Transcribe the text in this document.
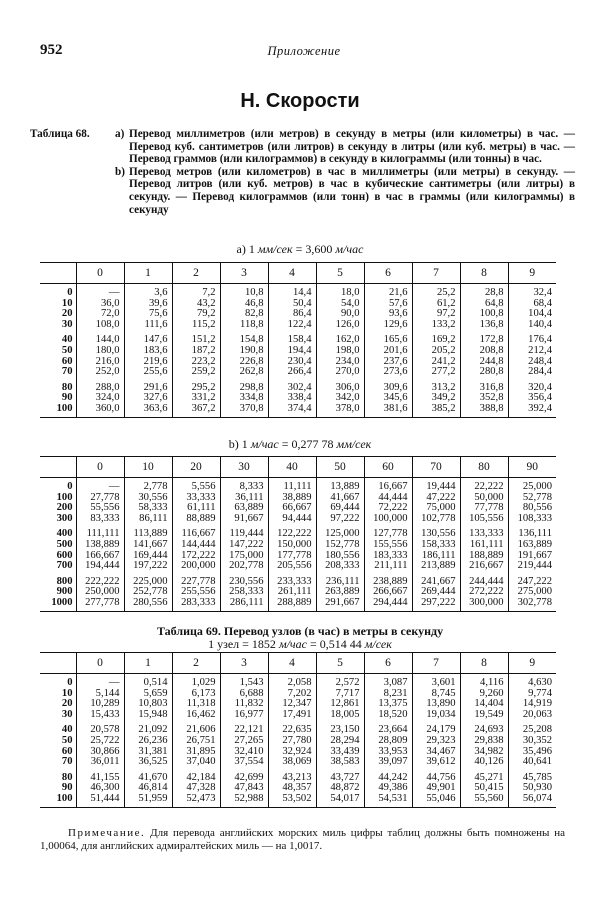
952	Приложение
Н. Скорости
Таблица 68. а) Перевод миллиметров (или метров) в секунду в метры (или километры) в час. — Перевод куб. сантиметров (или литров) в секунду в литры (или куб. метры) в час. — Перевод граммов (или килограммов) в секунду в килограммы (или тонны) в час.
b) Перевод метров (или километров) в час в миллиметры (или метры) в секунду. — Перевод литров (или куб. метров) в час в кубические сантиметры (или литры) в секунду. — Перевод килограммов (или тонн) в час в граммы (или килограммы) в секунду
а) 1 мм/сек = 3,600 м/час
	0	1	2	3	4	5	6	7	8	9
0	—	3,6	7,2	10,8	14,4	18,0	21,6	25,2	28,8	32,4
10	36,0	39,6	43,2	46,8	50,4	54,0	57,6	61,2	64,8	68,4
20	72,0	75,6	79,2	82,8	86,4	90,0	93,6	97,2	100,8	104,4
30	108,0	111,6	115,2	118,8	122,4	126,0	129,6	133,2	136,8	140,4

40	144,0	147,6	151,2	154,8	158,4	162,0	165,6	169,2	172,8	176,4
50	180,0	183,6	187,2	190,8	194,4	198,0	201,6	205,2	208,8	212,4
60	216,0	219,6	223,2	226,8	230,4	234,0	237,6	241,2	244,8	248,4
70	252,0	255,6	259,2	262,8	266,4	270,0	273,6	277,2	280,8	284,4

80	288,0	291,6	295,2	298,8	302,4	306,0	309,6	313,2	316,8	320,4
90	324,0	327,6	331,2	334,8	338,4	342,0	345,6	349,2	352,8	356,4
100	360,0	363,6	367,2	370,8	374,4	378,0	381,6	385,2	388,8	392,4
b) 1 м/час = 0,277 78 мм/сек
	0	10	20	30	40	50	60	70	80	90
0	—	2,778	5,556	8,333	11,111	13,889	16,667	19,444	22,222	25,000
100	27,778	30,556	33,333	36,111	38,889	41,667	44,444	47,222	50,000	52,778
200	55,556	58,333	61,111	63,889	66,667	69,444	72,222	75,000	77,778	80,556
300	83,333	86,111	88,889	91,667	94,444	97,222	100,000	102,778	105,556	108,333

400	111,111	113,889	116,667	119,444	122,222	125,000	127,778	130,556	133,333	136,111
500	138,889	141,667	144,444	147,222	150,000	152,778	155,556	158,333	161,111	163,889
600	166,667	169,444	172,222	175,000	177,778	180,556	183,333	186,111	188,889	191,667
700	194,444	197,222	200,000	202,778	205,556	208,333	211,111	213,889	216,667	219,444

800	222,222	225,000	227,778	230,556	233,333	236,111	238,889	241,667	244,444	247,222
900	250,000	252,778	255,556	258,333	261,111	263,889	266,667	269,444	272,222	275,000
1000	277,778	280,556	283,333	286,111	288,889	291,667	294,444	297,222	300,000	302,778
Таблица 69. Перевод узлов (в час) в метры в секунду
1 узел = 1852 м/час = 0,514 44 м/сек
	0	1	2	3	4	5	6	7	8	9
0	—	0,514	1,029	1,543	2,058	2,572	3,087	3,601	4,116	4,630
10	5,144	5,659	6,173	6,688	7,202	7,717	8,231	8,745	9,260	9,774
20	10,289	10,803	11,318	11,832	12,347	12,861	13,375	13,890	14,404	14,919
30	15,433	15,948	16,462	16,977	17,491	18,005	18,520	19,034	19,549	20,063

40	20,578	21,092	21,606	22,121	22,635	23,150	23,664	24,179	24,693	25,208
50	25,722	26,236	26,751	27,265	27,780	28,294	28,809	29,323	29,838	30,352
60	30,866	31,381	31,895	32,410	32,924	33,439	33,953	34,467	34,982	35,496
70	36,011	36,525	37,040	37,554	38,069	38,583	39,097	39,612	40,126	40,641

80	41,155	41,670	42,184	42,699	43,213	43,727	44,242	44,756	45,271	45,785
90	46,300	46,814	47,328	47,843	48,357	48,872	49,386	49,901	50,415	50,930
100	51,444	51,959	52,473	52,988	53,502	54,017	54,531	55,046	55,560	56,074
Примечание. Для перевода английских морских миль цифры таблиц должны быть помножены на 1,00064, для английских адмиралтейских миль — на 1,0017.
